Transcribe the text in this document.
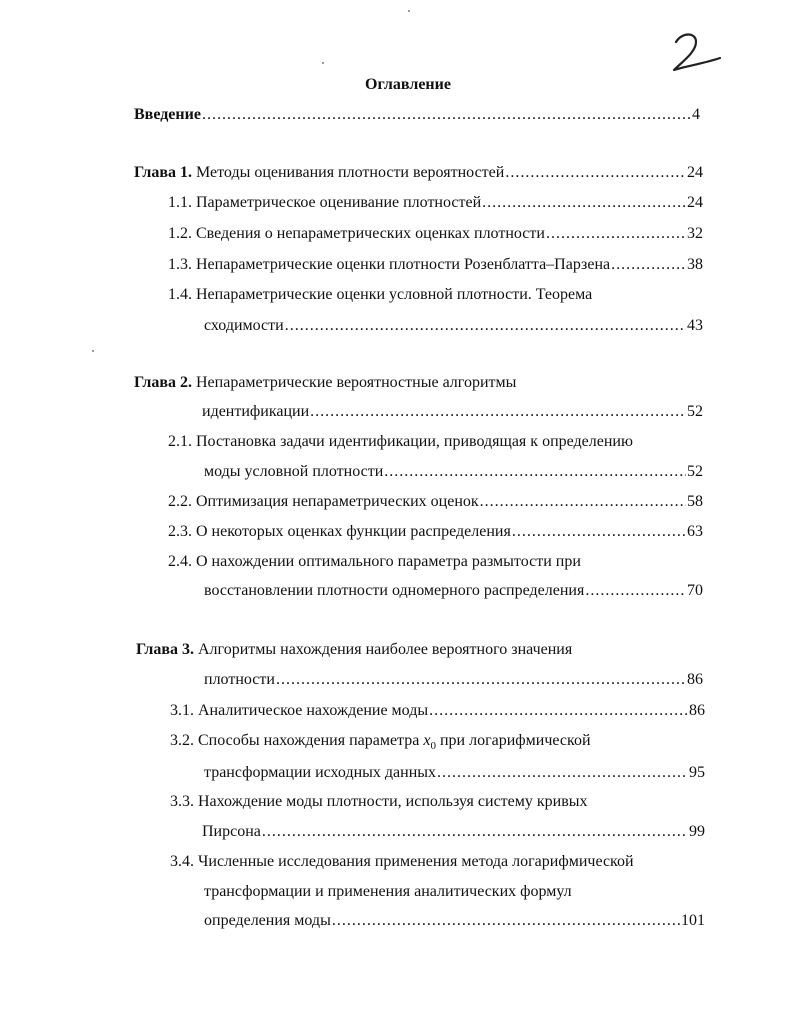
Оглавление
Введение .....	4
Глава 1. Методы оценивания плотности вероятностей .....	24
1.1. Параметрическое оценивание плотностей .....	24
1.2. Сведения о непараметрических оценках плотности .....	32
1.3. Непараметрические оценки плотности Розенблатта–Парзена .....	38
1.4. Непараметрические оценки условной плотности. Теорема
сходимости .....	43
Глава 2. Непараметрические вероятностные алгоритмы
идентификации .....	52
2.1. Постановка задачи идентификации, приводящая к определению
моды условной плотности .....	52
2.2. Оптимизация непараметрических оценок .....	58
2.3. О некоторых оценках функции распределения .....	63
2.4. О нахождении оптимального параметра размытости при
восстановлении плотности одномерного распределения .....	70
Глава 3. Алгоритмы нахождения наиболее вероятного значения
плотности .....	86
3.1. Аналитическое нахождение моды .....	86
3.2. Способы нахождения параметра $x_0$ при логарифмической
трансформации исходных данных .....	95
3.3. Нахождение моды плотности, используя систему кривых
Пирсона .....	99
3.4. Численные исследования применения метода логарифмической
трансформации и применения аналитических формул
определения моды .....	101
